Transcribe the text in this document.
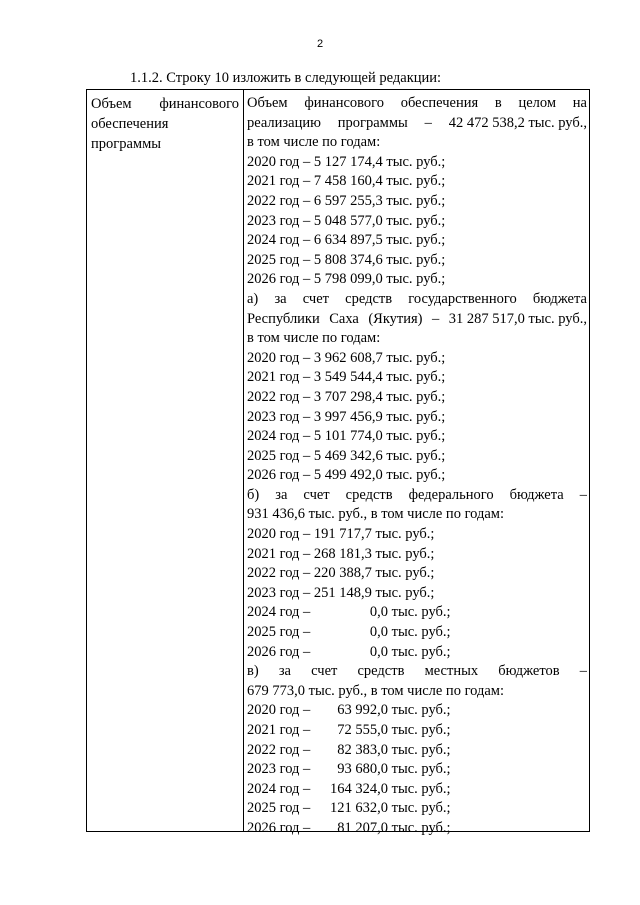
2
1.1.2. Строку 10 изложить в следующей редакции:
Объем финансового
обеспечения
программы
Объем финансового обеспечения в целом на
реализацию программы – 42 472 538,2 тыс. руб.,
в том числе по годам:
2020 год – 5 127 174,4 тыс. руб.;
2021 год – 7 458 160,4 тыс. руб.;
2022 год – 6 597 255,3 тыс. руб.;
2023 год – 5 048 577,0 тыс. руб.;
2024 год – 6 634 897,5 тыс. руб.;
2025 год – 5 808 374,6 тыс. руб.;
2026 год – 5 798 099,0 тыс. руб.;
а) за счет средств государственного бюджета
Республики Саха (Якутия) – 31 287 517,0 тыс. руб.,
в том числе по годам:
2020 год – 3 962 608,7 тыс. руб.;
2021 год – 3 549 544,4 тыс. руб.;
2022 год – 3 707 298,4 тыс. руб.;
2023 год – 3 997 456,9 тыс. руб.;
2024 год – 5 101 774,0 тыс. руб.;
2025 год – 5 469 342,6 тыс. руб.;
2026 год – 5 499 492,0 тыс. руб.;
б) за счет средств федерального бюджета –
931 436,6 тыс. руб., в том числе по годам:
2020 год – 191 717,7 тыс. руб.;
2021 год – 268 181,3 тыс. руб.;
2022 год – 220 388,7 тыс. руб.;
2023 год – 251 148,9 тыс. руб.;
2024 год –	0,0 тыс. руб.;
2025 год –	0,0 тыс. руб.;
2026 год –	0,0 тыс. руб.;
в) за счет средств местных бюджетов –
679 773,0 тыс. руб., в том числе по годам:
2020 год –	63 992,0 тыс. руб.;
2021 год –	72 555,0 тыс. руб.;
2022 год –	82 383,0 тыс. руб.;
2023 год –	93 680,0 тыс. руб.;
2024 год –	164 324,0 тыс. руб.;
2025 год –	121 632,0 тыс. руб.;
2026 год –	81 207,0 тыс. руб.;
